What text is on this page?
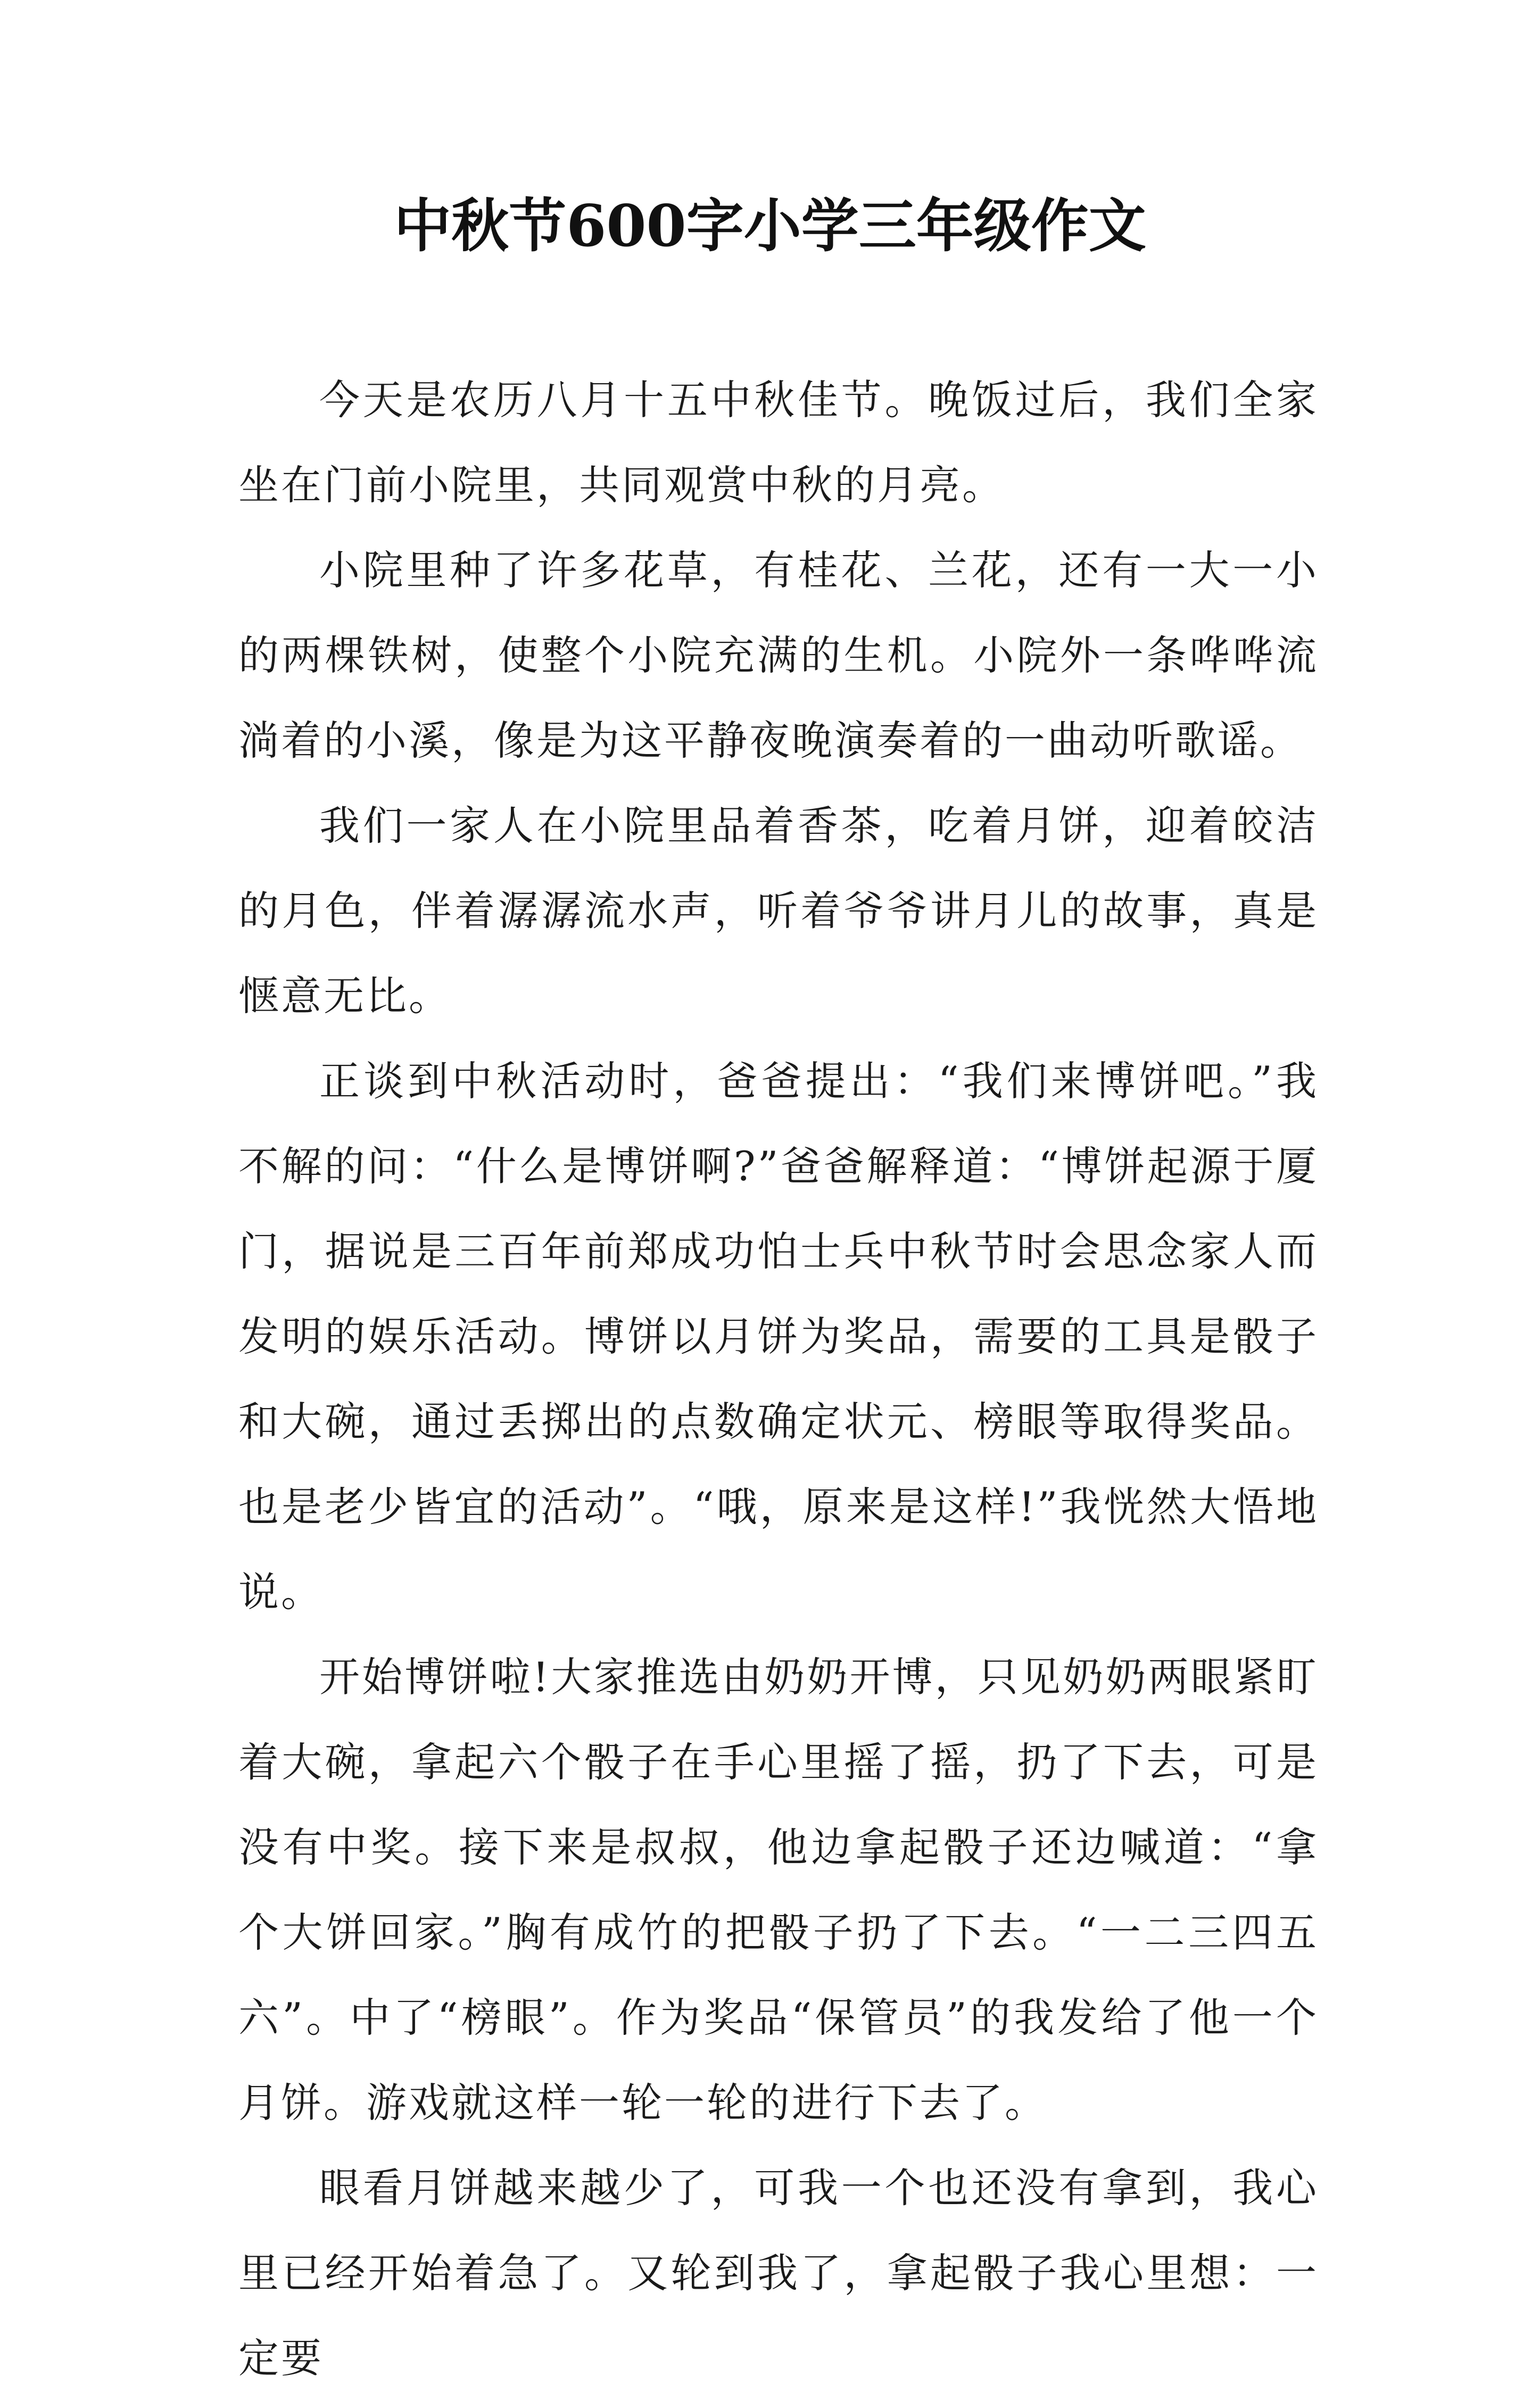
中秋节600字小学三年级作文

今天是农历八月十五中秋佳节。晚饭过后，我们全家坐在门前小院里，共同观赏中秋的月亮。

小院里种了许多花草，有桂花、兰花，还有一大一小的两棵铁树，使整个小院充满的生机。小院外一条哗哗流淌着的小溪，像是为这平静夜晚演奏着的一曲动听歌谣。

我们一家人在小院里品着香茶，吃着月饼，迎着皎洁的月色，伴着潺潺流水声，听着爷爷讲月儿的故事，真是惬意无比。

正谈到中秋活动时，爸爸提出：“我们来博饼吧。”我不解的问：“什么是博饼啊?”爸爸解释道：“博饼起源于厦门，据说是三百年前郑成功怕士兵中秋节时会思念家人而发明的娱乐活动。博饼以月饼为奖品，需要的工具是骰子和大碗，通过丢掷出的点数确定状元、榜眼等取得奖品。也是老少皆宜的活动”。“哦，原来是这样!”我恍然大悟地说。

开始博饼啦!大家推选由奶奶开博，只见奶奶两眼紧盯着大碗，拿起六个骰子在手心里摇了摇，扔了下去，可是没有中奖。接下来是叔叔，他边拿起骰子还边喊道：“拿个大饼回家。”胸有成竹的把骰子扔了下去。“一二三四五六”。中了“榜眼”。作为奖品“保管员”的我发给了他一个月饼。游戏就这样一轮一轮的进行下去了。

眼看月饼越来越少了，可我一个也还没有拿到，我心里已经开始着急了。又轮到我了，拿起骰子我心里想：一定要
